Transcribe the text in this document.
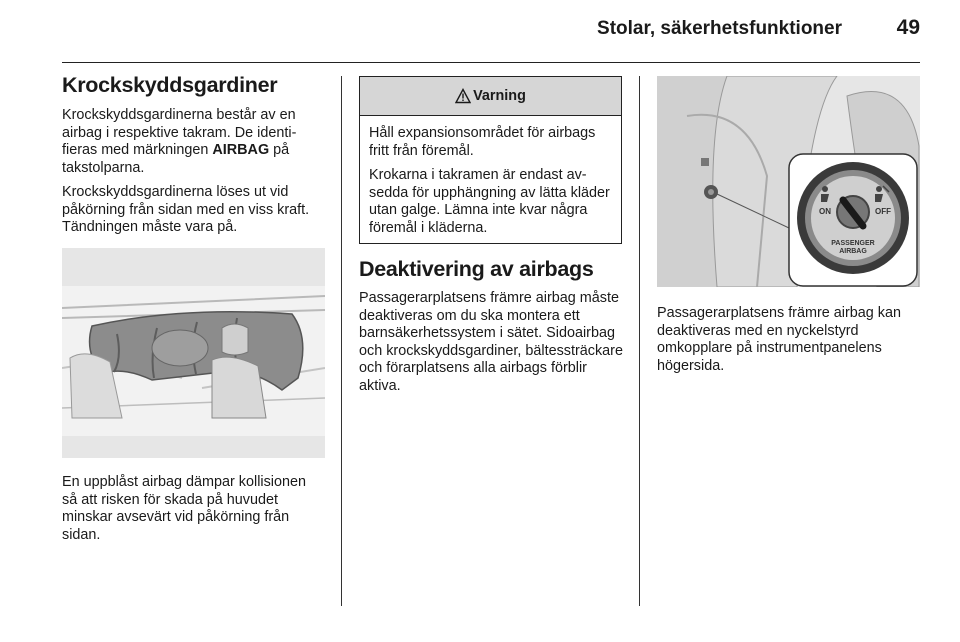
Stolar, säkerhetsfunktioner	49
Krockskyddsgardiner

Krockskyddsgardinerna består av en airbag i respektive takram. De identifieras med märkningen AIRBAG på takstolparna.

Krockskyddsgardinerna löses ut vid påkörning från sidan med en viss kraft. Tändningen måste vara på.

En uppblåst airbag dämpar kollisionen så att risken för skada på huvudet minskar avsevärt vid påkörning från sidan.

Varning

Håll expansionsområdet för airbags fritt från föremål.

Krokarna i takramen är endast avsedda för upphängning av lätta kläder utan galge. Lämna inte kvar några föremål i kläderna.

Deaktivering av airbags

Passagerarplatsens främre airbag måste deaktiveras om du ska montera ett barnsäkerhetssystem i sätet. Sidoairbag och krockskyddsgardiner, bältessträckare och förarplatsens alla airbags förblir aktiva.

ON	OFF
PASSENGER
AIRBAG

Passagerarplatsens främre airbag kan deaktiveras med en nyckelstyrd omkopplare på instrumentpanelens högersida.
